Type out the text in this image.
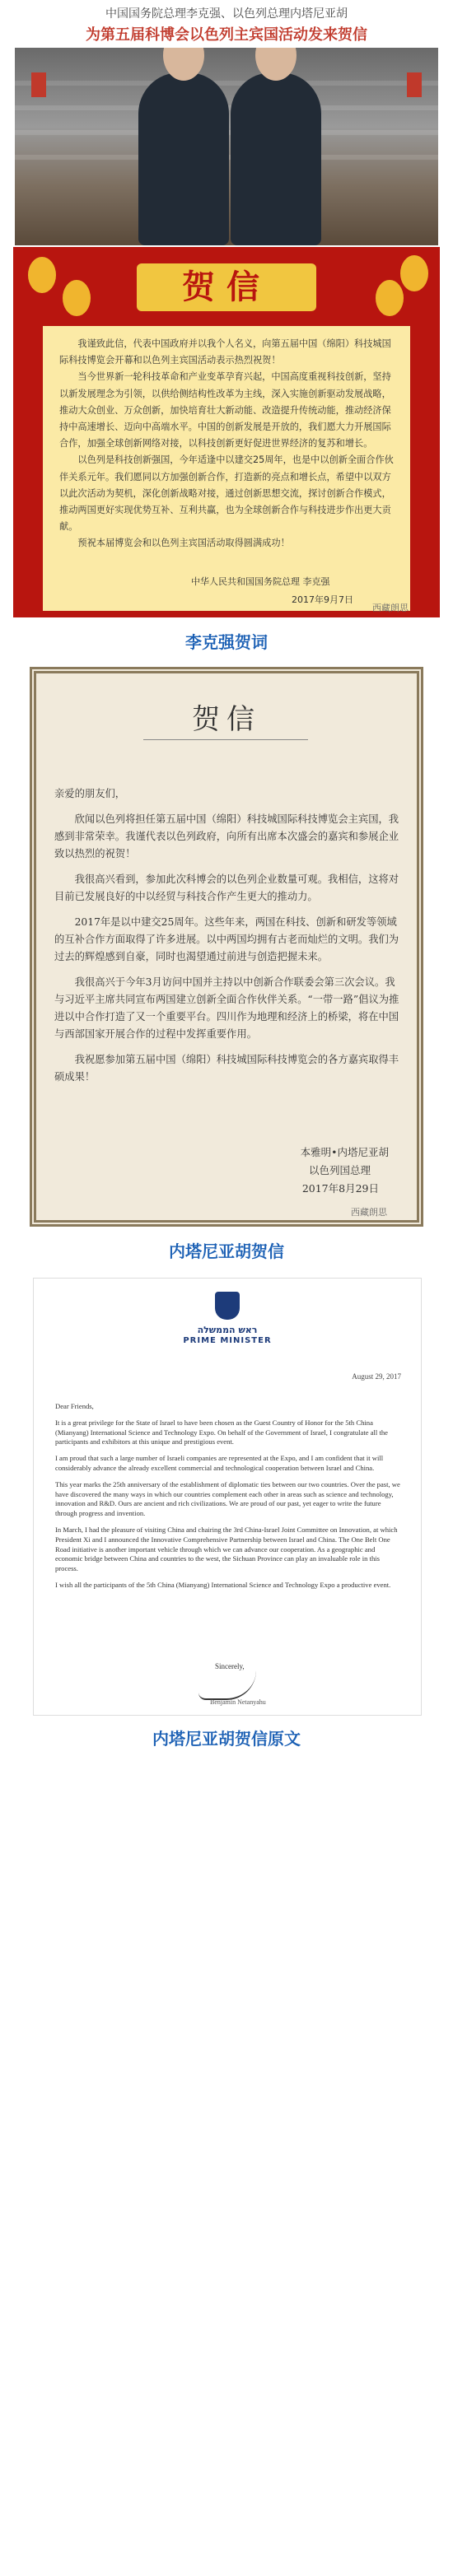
中国国务院总理李克强、以色列总理内塔尼亚胡
为第五届科博会以色列主宾国活动发来贺信
贺信

我谨致此信，代表中国政府并以我个人名义，向第五届中国（绵阳）科技城国际科技博览会开幕和以色列主宾国活动表示热烈祝贺！

当今世界新一轮科技革命和产业变革孕育兴起，中国高度重视科技创新，坚持以新发展理念为引领，以供给侧结构性改革为主线，深入实施创新驱动发展战略，推动大众创业、万众创新，加快培育壮大新动能、改造提升传统动能，推动经济保持中高速增长、迈向中高端水平。中国的创新发展是开放的，我们愿大力开展国际合作，加强全球创新网络对接，以科技创新更好促进世界经济的复苏和增长。

以色列是科技创新强国，今年适逢中以建交25周年，也是中以创新全面合作伙伴关系元年。我们愿同以方加强创新合作，打造新的亮点和增长点，希望中以双方以此次活动为契机，深化创新战略对接，通过创新思想交流，探讨创新合作模式，推动两国更好实现优势互补、互利共赢，也为全球创新合作与科技进步作出更大贡献。

预祝本届博览会和以色列主宾国活动取得圆满成功！

中华人民共和国国务院总理 李克强
2017年9月7日
西藏朗思
李克强贺词
贺信

亲爱的朋友们，

欣闻以色列将担任第五届中国（绵阳）科技城国际科技博览会主宾国，我感到非常荣幸。我谨代表以色列政府，向所有出席本次盛会的嘉宾和参展企业致以热烈的祝贺！

我很高兴看到，参加此次科博会的以色列企业数量可观。我相信，这将对目前已发展良好的中以经贸与科技合作产生更大的推动力。

2017年是以中建交25周年。这些年来，两国在科技、创新和研发等领域的互补合作方面取得了许多进展。以中两国均拥有古老而灿烂的文明。我们为过去的辉煌感到自豪，同时也渴望通过前进与创造把握未来。

我很高兴于今年3月访问中国并主持以中创新合作联委会第三次会议。我与习近平主席共同宣布两国建立创新全面合作伙伴关系。“一带一路”倡议为推进以中合作打造了又一个重要平台。四川作为地理和经济上的桥梁，将在中国与西部国家开展合作的过程中发挥重要作用。

我祝愿参加第五届中国（绵阳）科技城国际科技博览会的各方嘉宾取得丰硕成果！

本雅明•内塔尼亚胡
以色列国总理
2017年8月29日
西藏朗思
内塔尼亚胡贺信
ראש הממשלה
PRIME MINISTER
August 29, 2017

Dear Friends,

It is a great privilege for the State of Israel to have been chosen as the Guest Country of Honor for the 5th China (Mianyang) International Science and Technology Expo. On behalf of the Government of Israel, I congratulate all the participants and exhibitors at this unique and prestigious event.

I am proud that such a large number of Israeli companies are represented at the Expo, and I am confident that it will considerably advance the already excellent commercial and technological cooperation between Israel and China.

This year marks the 25th anniversary of the establishment of diplomatic ties between our two countries. Over the past, we have discovered the many ways in which our countries complement each other in areas such as science and technology, innovation and R&D. Ours are ancient and rich civilizations. We are proud of our past, yet eager to write the future through progress and invention.

In March, I had the pleasure of visiting China and chairing the 3rd China-Israel Joint Committee on Innovation, at which President Xi and I announced the Innovative Comprehensive Partnership between Israel and China. The One Belt One Road initiative is another important vehicle through which we can advance our cooperation. As a geographic and economic bridge between China and countries to the west, the Sichuan Province can play an invaluable role in this process.

I wish all the participants of the 5th China (Mianyang) International Science and Technology Expo a productive event.

Sincerely,
Benjamin Netanyahu
内塔尼亚胡贺信原文
